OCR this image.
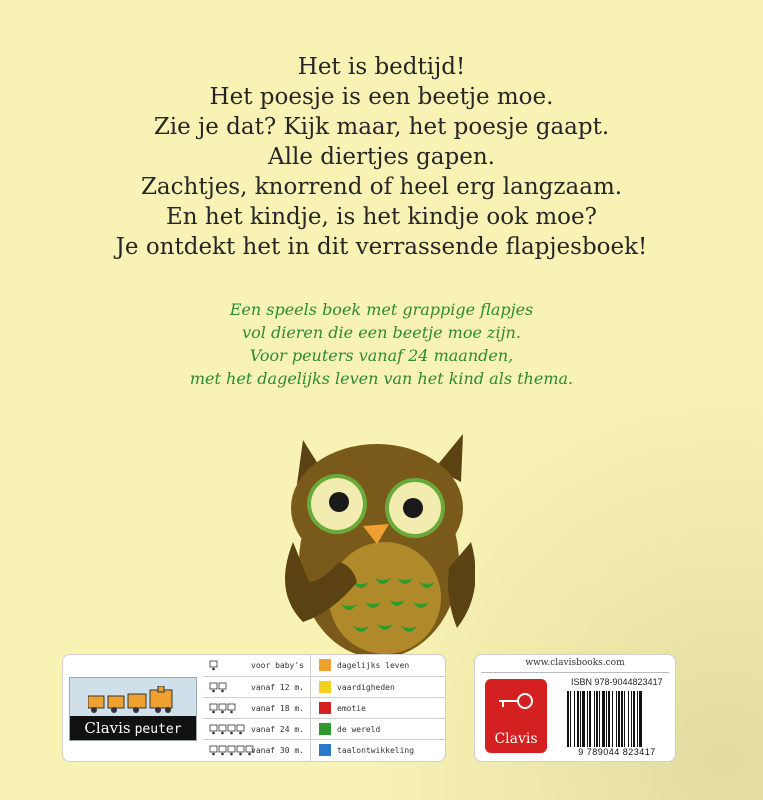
Het is bedtijd!
Het poesje is een beetje moe.
Zie je dat? Kijk maar, het poesje gaapt.
Alle diertjes gapen.
Zachtjes, knorrend of heel erg langzaam.
En het kindje, is het kindje ook moe?
Je ontdekt het in dit verrassende flapjesboek!
Een speels boek met grappige flapjes
vol dieren die een beetje moe zijn.
Voor peuters vanaf 24 maanden,
met het dagelijks leven van het kind als thema.
Clavis peuter
voor baby's	dagelijks leven
vanaf 12 m.	vaardigheden
vanaf 18 m.	emotie
vanaf 24 m.	de wereld
vanaf 30 m.	taalontwikkeling
www.clavisbooks.com
Clavis
ISBN 978-9044823417
9 789044 823417
